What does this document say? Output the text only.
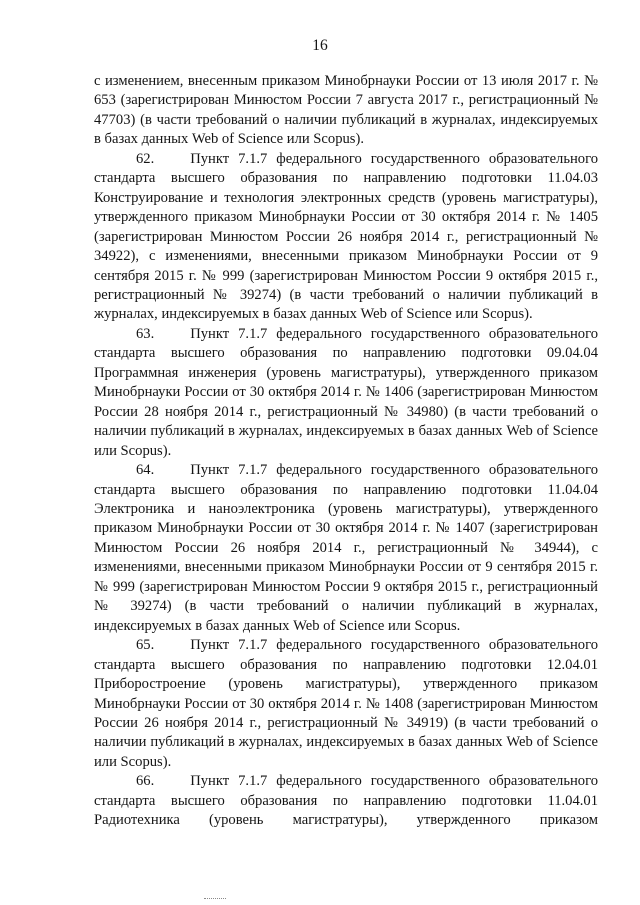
16

с изменением, внесенным приказом Минобрнауки России от 13 июля 2017 г. № 653 (зарегистрирован Минюстом России 7 августа 2017 г., регистрационный № 47703) (в части требований о наличии публикаций в журналах, индексируемых в базах данных Web of Science или Scopus).

62. Пункт 7.1.7 федерального государственного образовательного стандарта высшего образования по направлению подготовки 11.04.03 Конструирование и технология электронных средств (уровень магистратуры), утвержденного приказом Минобрнауки России от 30 октября 2014 г. № 1405 (зарегистрирован Минюстом России 26 ноября 2014 г., регистрационный № 34922), с изменениями, внесенными приказом Минобрнауки России от 9 сентября 2015 г. № 999 (зарегистрирован Минюстом России 9 октября 2015 г., регистрационный № 39274) (в части требований о наличии публикаций в журналах, индексируемых в базах данных Web of Science или Scopus).

63. Пункт 7.1.7 федерального государственного образовательного стандарта высшего образования по направлению подготовки 09.04.04 Программная инженерия (уровень магистратуры), утвержденного приказом Минобрнауки России от 30 октября 2014 г. № 1406 (зарегистрирован Минюстом России 28 ноября 2014 г., регистрационный № 34980) (в части требований о наличии публикаций в журналах, индексируемых в базах данных Web of Science или Scopus).

64. Пункт 7.1.7 федерального государственного образовательного стандарта высшего образования по направлению подготовки 11.04.04 Электроника и наноэлектроника (уровень магистратуры), утвержденного приказом Минобрнауки России от 30 октября 2014 г. № 1407 (зарегистрирован Минюстом России 26 ноября 2014 г., регистрационный № 34944), с изменениями, внесенными приказом Минобрнауки России от 9 сентября 2015 г. № 999 (зарегистрирован Минюстом России 9 октября 2015 г., регистрационный № 39274) (в части требований о наличии публикаций в журналах, индексируемых в базах данных Web of Science или Scopus.

65. Пункт 7.1.7 федерального государственного образовательного стандарта высшего образования по направлению подготовки 12.04.01 Приборостроение (уровень магистратуры), утвержденного приказом Минобрнауки России от 30 октября 2014 г. № 1408 (зарегистрирован Минюстом России 26 ноября 2014 г., регистрационный № 34919) (в части требований о наличии публикаций в журналах, индексируемых в базах данных Web of Science или Scopus).

66. Пункт 7.1.7 федерального государственного образовательного стандарта высшего образования по направлению подготовки 11.04.01 Радиотехника (уровень магистратуры), утвержденного приказом
